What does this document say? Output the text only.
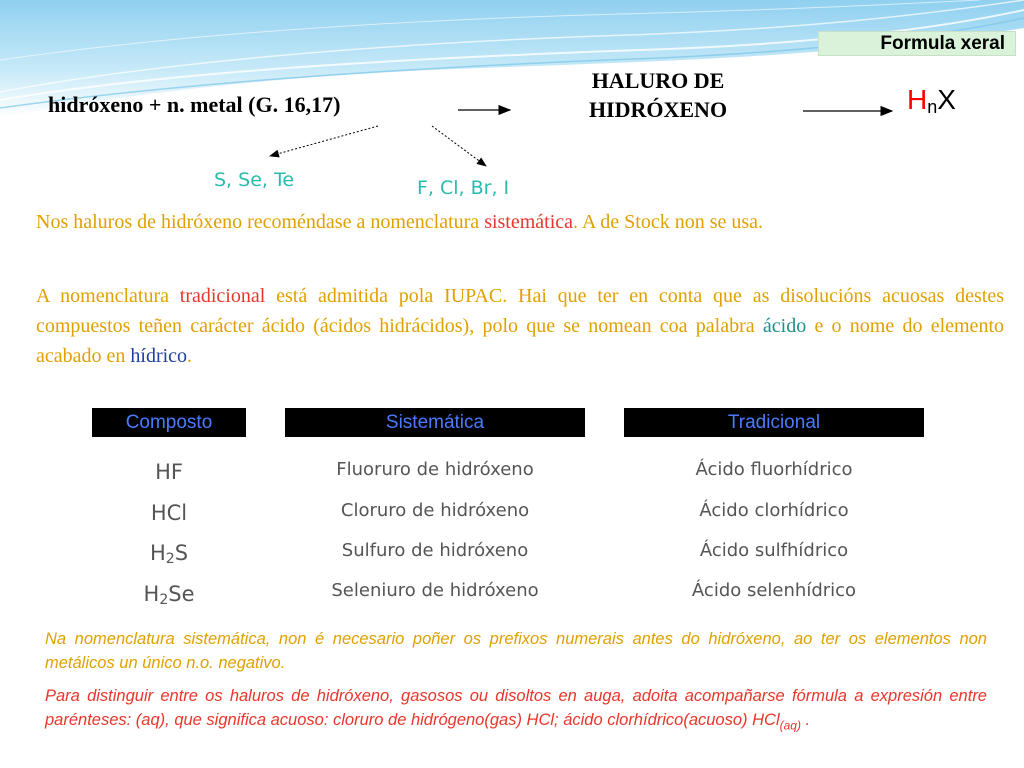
Formula xeral
hidróxeno + n. metal (G. 16,17)
HALURO DE
HIDRÓXENO	$H_nX$
S, Se, Te	F, Cl, Br, I
Nos haluros de hidróxeno recoméndase a nomenclatura sistemática. A de Stock non se usa.
A nomenclatura tradicional está admitida pola IUPAC. Hai que ter en conta que as disolucións acuosas destes compuestos teñen carácter ácido (ácidos hidrácidos), polo que se nomean coa palabra ácido e o nome do elemento acabado en hídrico.
Composto	Sistemática	Tradicional
HF	Fluoruro de hidróxeno	Ácido fluorhídrico
HCl	Cloruro de hidróxeno	Ácido clorhídrico
$H_2S$	Sulfuro de hidróxeno	Ácido sulfhídrico
$H_2Se$	Seleniuro de hidróxeno	Ácido selenhídrico
Na nomenclatura sistemática, non é necesario poñer os prefixos numerais antes do hidróxeno, ao ter os elementos non metálicos un único n.o. negativo.
Para distinguir entre os haluros de hidróxeno, gasosos ou disoltos en auga, adoita acompañarse fórmula a expresión entre parénteses: (aq), que significa acuoso: cloruro de hidrógeno(gas) HCl; ácido clorhídrico(acuoso) HCl$_{(aq)}$ .
